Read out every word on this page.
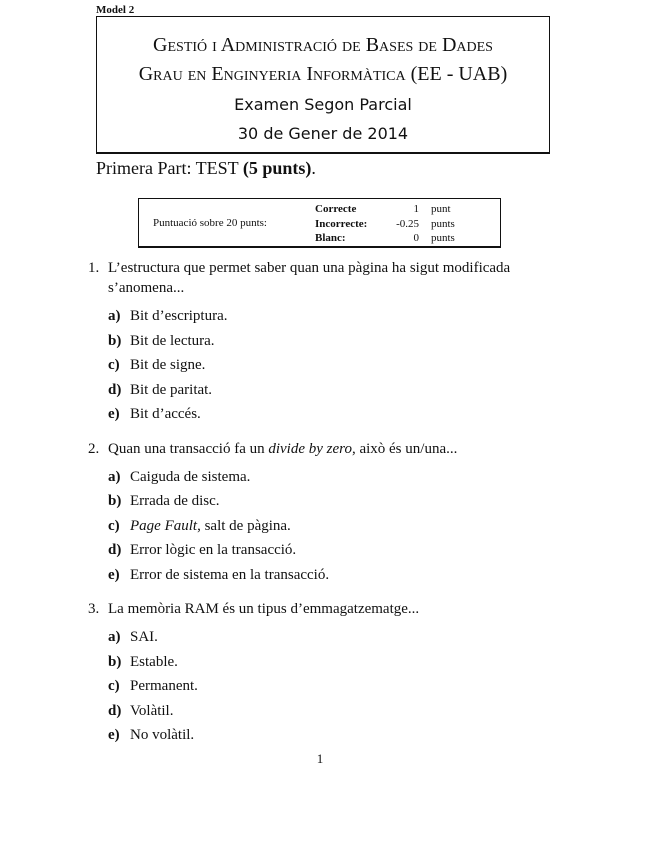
Model 2
Gestió i Administració de Bases de Dades
Grau en Enginyeria Informàtica (EE - UAB)
Examen Segon Parcial
30 de Gener de 2014
Primera Part: TEST (5 punts).
Puntuació sobre 20 punts:
Correcte	1	punt
Incorrecte:	-0.25	punts
Blanc:	0	punts
1. L’estructura que permet saber quan una pàgina ha sigut modificada s’anomena...
a) Bit d’escriptura.
b) Bit de lectura.
c) Bit de signe.
d) Bit de paritat.
e) Bit d’accés.
2. Quan una transacció fa un divide by zero, això és un/una...
a) Caiguda de sistema.
b) Errada de disc.
c) Page Fault, salt de pàgina.
d) Error lògic en la transacció.
e) Error de sistema en la transacció.
3. La memòria RAM és un tipus d’emmagatzematge...
a) SAI.
b) Estable.
c) Permanent.
d) Volàtil.
e) No volàtil.
1
